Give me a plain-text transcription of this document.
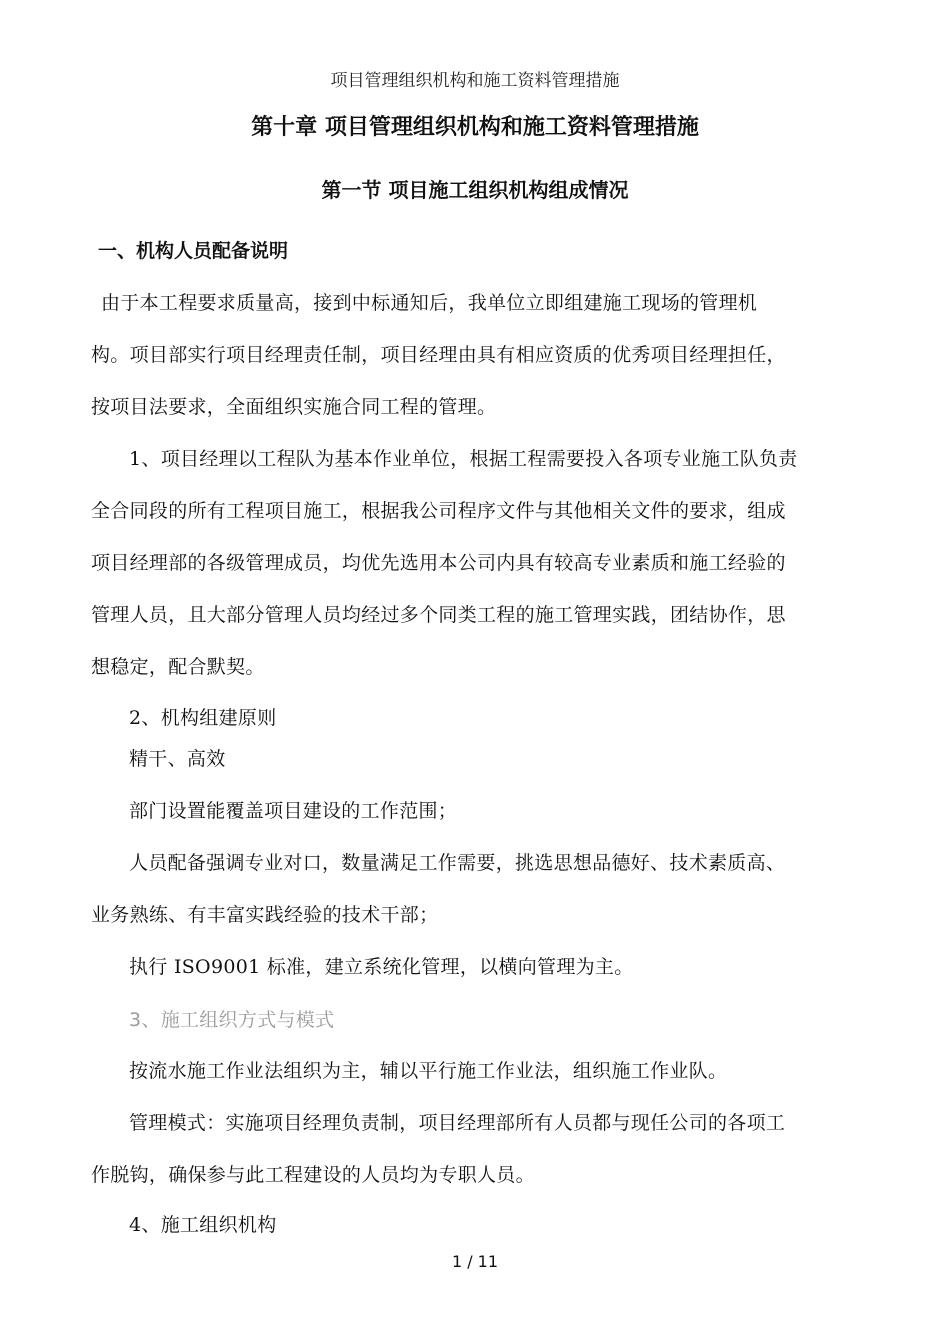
项目管理组织机构和施工资料管理措施
第十章 项目管理组织机构和施工资料管理措施
第一节 项目施工组织机构组成情况
一、机构人员配备说明
由于本工程要求质量高，接到中标通知后，我单位立即组建施工现场的管理机
构。项目部实行项目经理责任制，项目经理由具有相应资质的优秀项目经理担任，
按项目法要求，全面组织实施合同工程的管理。
1、项目经理以工程队为基本作业单位，根据工程需要投入各项专业施工队负责
全合同段的所有工程项目施工，根据我公司程序文件与其他相关文件的要求，组成
项目经理部的各级管理成员，均优先选用本公司内具有较高专业素质和施工经验的
管理人员，且大部分管理人员均经过多个同类工程的施工管理实践，团结协作，思
想稳定，配合默契。
2、机构组建原则
精干、高效
部门设置能覆盖项目建设的工作范围；
人员配备强调专业对口，数量满足工作需要，挑选思想品德好、技术素质高、
业务熟练、有丰富实践经验的技术干部；
执行 ISO9001 标准，建立系统化管理，以横向管理为主。
3、施工组织方式与模式
按流水施工作业法组织为主，辅以平行施工作业法，组织施工作业队。
管理模式：实施项目经理负责制，项目经理部所有人员都与现任公司的各项工
作脱钩，确保参与此工程建设的人员均为专职人员。
4、施工组织机构
1 / 11
